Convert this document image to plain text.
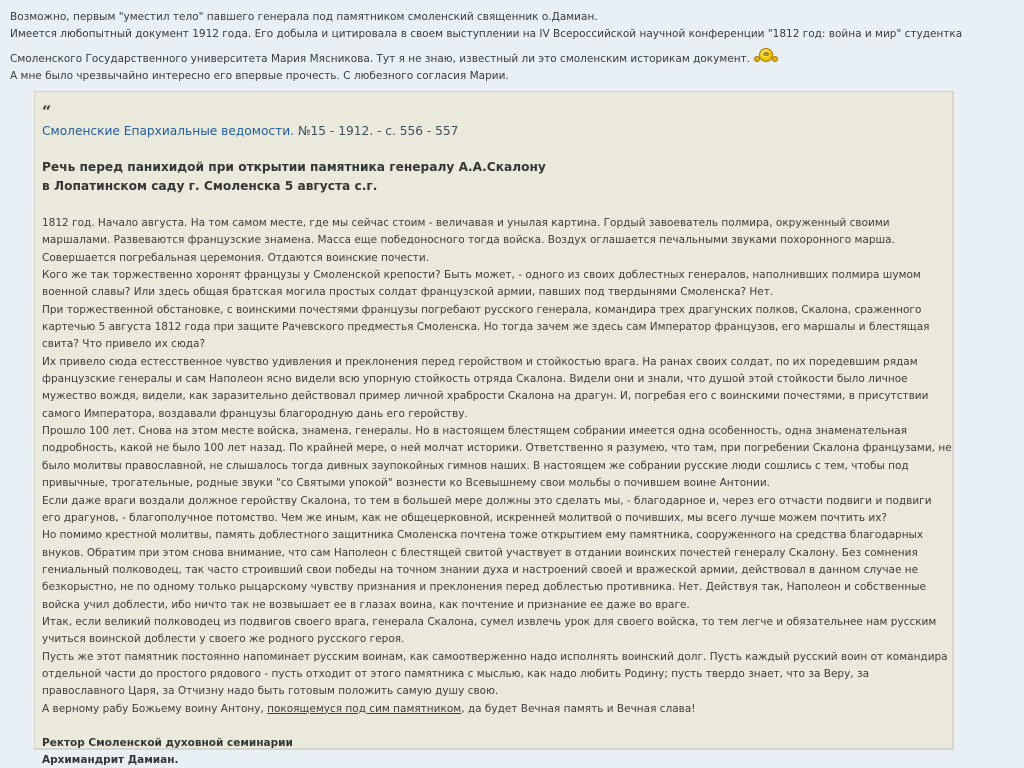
Возможно, первым "уместил тело" павшего генерала под памятником смоленский священник о.Дамиан.
Имеется любопытный документ 1912 года. Его добыла и цитировала в своем выступлении на IV Всероссийской научной конференции "1812 год: война и мир" студентка
Смоленского Государственного университета Мария Мясникова. Тут я не знаю, известный ли это смоленским историкам документ.
А мне было чрезвычайно интересно его впервые прочесть. С любезного согласия Марии.
“
Смоленские Епархиальные ведомости. №15 - 1912. - с. 556 - 557
Речь перед панихидой при открытии памятника генералу А.А.Скалону
в Лопатинском саду г. Смоленска 5 августа с.г.

1812 год. Начало августа. На том самом месте, где мы сейчас стоим - величавая и унылая картина. Гордый завоеватель полмира, окруженный своими маршалами. Развеваются французские знамена. Масса еще победоносного тогда войска. Воздух оглашается печальными звуками похоронного марша. Совершается погребальная церемония. Отдаются воинские почести.

Кого же так торжественно хоронят французы у Смоленской крепости? Быть может, - одного из своих доблестных генералов, наполнивших полмира шумом военной славы? Или здесь общая братская могила простых солдат французской армии, павших под твердынями Смоленска? Нет.

При торжественной обстановке, с воинскими почестями французы погребают русского генерала, командира трех драгунских полков, Скалона, сраженного картечью 5 августа 1812 года при защите Рачевского предместья Смоленска. Но тогда зачем же здесь сам Император французов, его маршалы и блестящая свита? Что привело их сюда?

Их привело сюда естесственное чувство удивления и преклонения перед геройством и стойкостью врага. На ранах своих солдат, по их поредевшим рядам французские генералы и сам Наполеон ясно видели всю упорную стойкость отряда Скалона. Видели они и знали, что душой этой стойкости было личное мужество вождя, видели, как заразительно действовал пример личной храбрости Скалона на драгун. И, погребая его с воинскими почестями, в присутствии самого Императора, воздавали французы благородную дань его геройству.

Прошло 100 лет. Снова на этом месте войска, знамена, генералы. Но в настоящем блестящем собрании имеется одна особенность, одна знаменательная подробность, какой не было 100 лет назад. По крайней мере, о ней молчат историки. Ответственно я разумею, что там, при погребении Скалона французами, не было молитвы православной, не слышалось тогда дивных заупокойных гимнов наших. В настоящем же собрании русские люди сошлись с тем, чтобы под привычные, трогательные, родные звуки "со Святыми упокой" вознести ко Всевышнему свои мольбы о почившем воине Антонии.

Если даже враги воздали должное геройству Скалона, то тем в большей мере должны это сделать мы, - благодарное и, через его отчасти подвиги и подвиги его драгунов, - благополучное потомство. Чем же иным, как не общецерковной, искренней молитвой о почивших, мы всего лучше можем почтить их?

Но помимо крестной молитвы, память доблестного защитника Смоленска почтена тоже открытием ему памятника, сооруженного на средства благодарных внуков. Обратим при этом снова внимание, что сам Наполеон с блестящей свитой участвует в отдании воинских почестей генералу Скалону. Без сомнения гениальный полководец, так часто строивший свои победы на точном знании духа и настроений своей и вражеской армии, действовал в данном случае не безкорыстно, не по одному только рыцарскому чувству признания и преклонения перед доблестью противника. Нет. Действуя так, Наполеон и собственные войска учил доблести, ибо ничто так не возвышает ее в глазах воина, как почтение и признание ее даже во враге.

Итак, если великий полководец из подвигов своего врага, генерала Скалона, сумел извлечь урок для своего войска, то тем легче и обязательнее нам русским учиться воинской доблести у своего же родного русского героя.

Пусть же этот памятник постоянно напоминает русским воинам, как самоотверженно надо исполнять воинский долг. Пусть каждый русский воин от командира отдельной части до простого рядового - пусть отходит от этого памятника с мыслью, как надо любить Родину; пусть твердо знает, что за Веру, за православного Царя, за Отчизну надо быть готовым положить самую душу свою.

А верному рабу Божьему воину Антону, покоящемуся под сим памятником, да будет Вечная память и Вечная слава!

Ректор Смоленской духовной семинарии
Архимандрит Дамиан.
